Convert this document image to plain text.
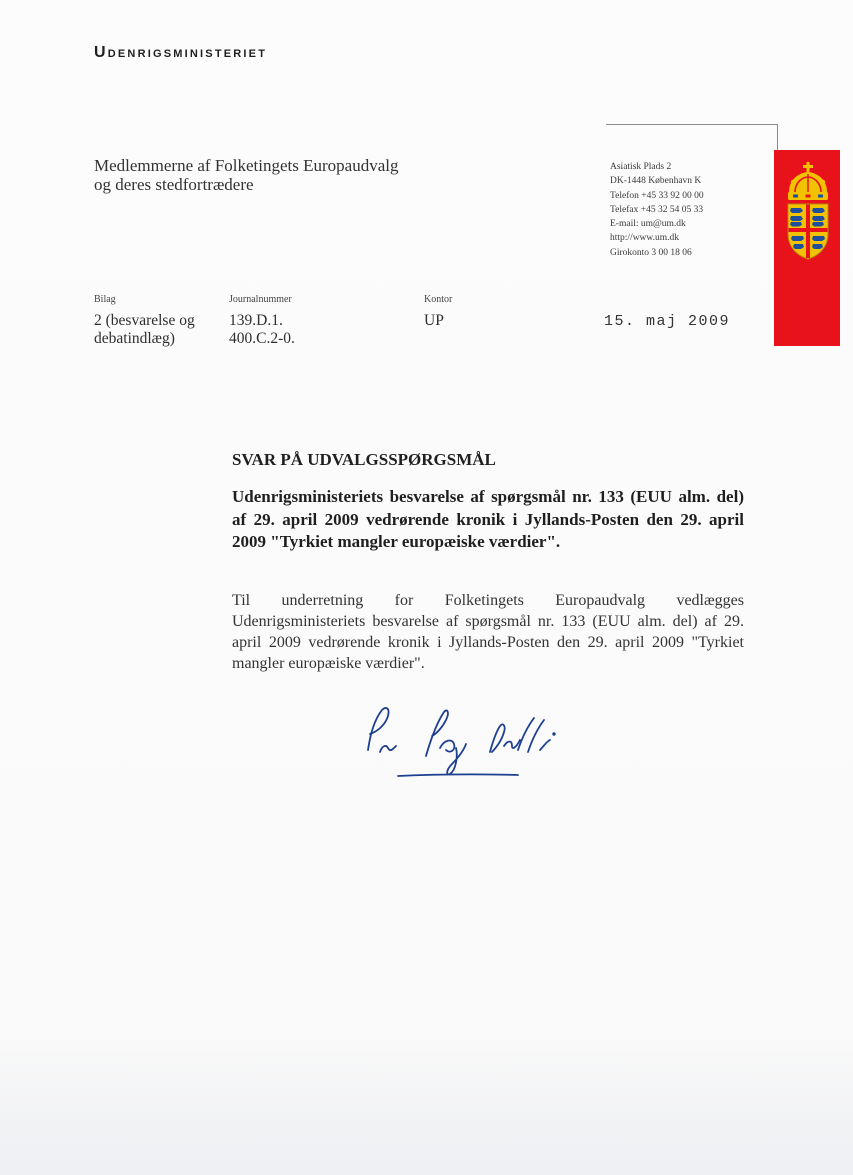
Udenrigsministeriet
Medlemmerne af Folketingets Europaudvalg
og deres stedfortrædere
Asiatisk Plads 2
DK-1448 København K
Telefon +45 33 92 00 00
Telefax +45 32 54 05 33
E-mail: um@um.dk
http://www.um.dk
Girokonto 3 00 18 06
Bilag
2 (besvarelse og
debatindlæg)
Journalnummer
139.D.1.
400.C.2-0.
Kontor
UP	15. maj 2009
SVAR PÅ UDVALGSSPØRGSMÅL

Udenrigsministeriets besvarelse af spørgsmål nr. 133 (EUU alm. del) af 29. april 2009 vedrørende kronik i Jyllands-Posten den 29. april 2009 "Tyrkiet mangler europæiske værdier".

Til underretning for Folketingets Europaudvalg vedlægges Udenrigsministeriets besvarelse af spørgsmål nr. 133 (EUU alm. del) af 29. april 2009 vedrørende kronik i Jyllands-Posten den 29. april 2009 "Tyrkiet mangler europæiske værdier".
